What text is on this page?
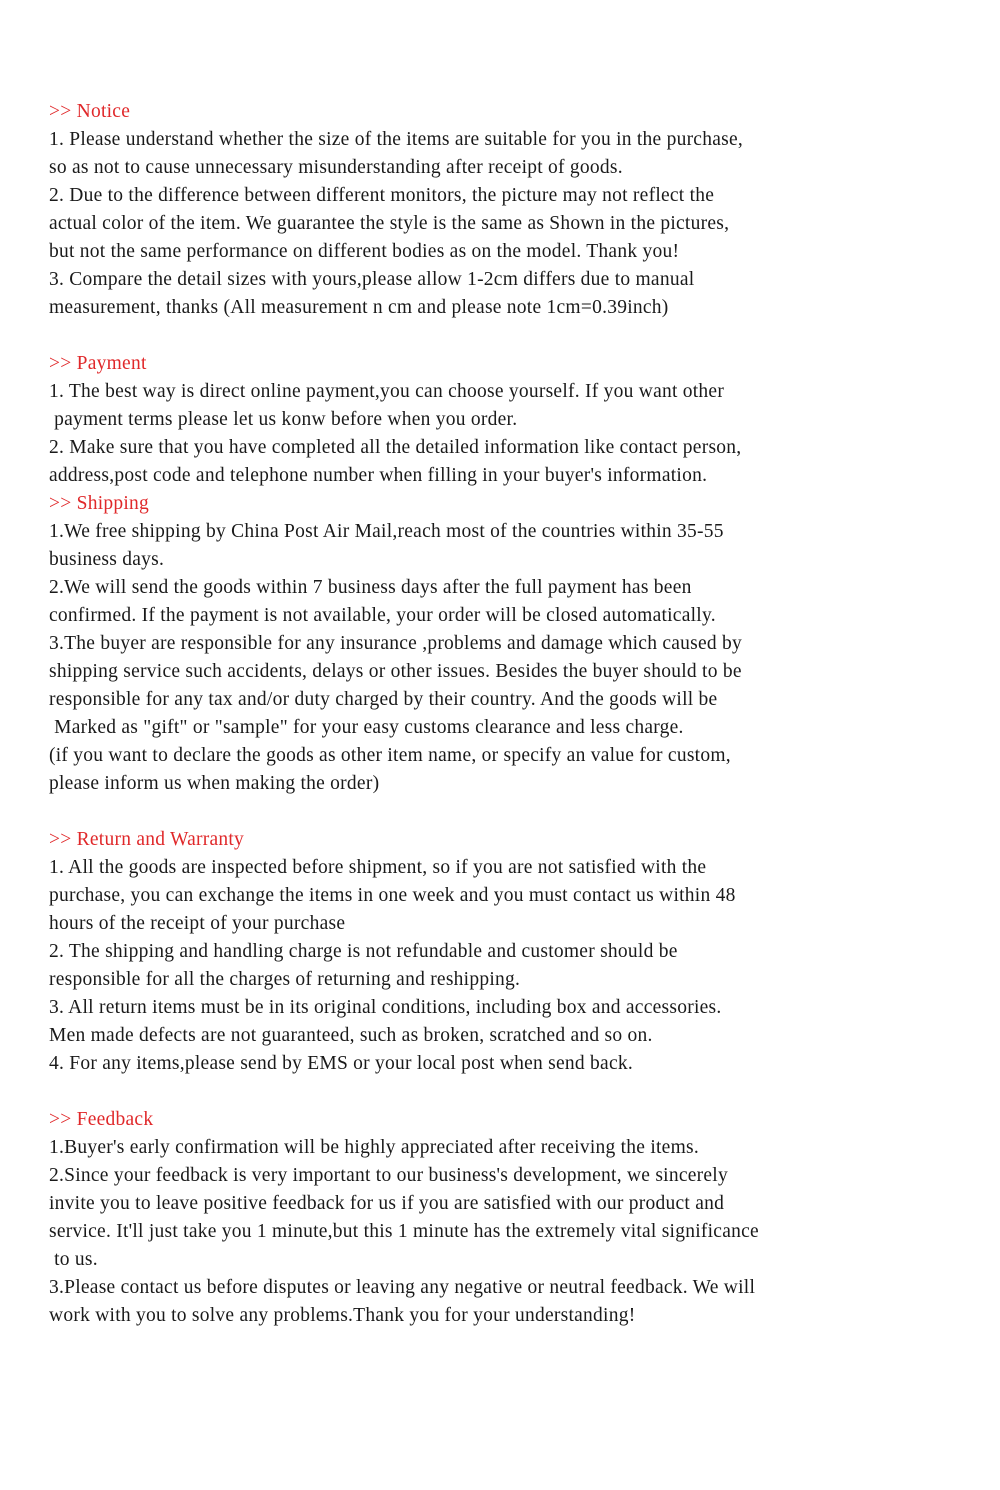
>> Notice

1. Please understand whether the size of the items are suitable for you in the purchase,

so as not to cause unnecessary misunderstanding after receipt of goods.

2. Due to the difference between different monitors, the picture may not reflect the

actual color of the item. We guarantee the style is the same as Shown in the pictures,

but not the same performance on different bodies as on the model. Thank you!

3. Compare the detail sizes with yours,please allow 1-2cm differs due to manual

measurement, thanks (All measurement n cm and please note 1cm=0.39inch)

>> Payment

1. The best way is direct online payment,you can choose yourself. If you want other

payment terms please let us konw before when you order.

2. Make sure that you have completed all the detailed information like contact person,

address,post code and telephone number when filling in your buyer's information.

>> Shipping

1.We free shipping by China Post Air Mail,reach most of the countries within 35-55

business days.

2.We will send the goods within 7 business days after the full payment has been

confirmed. If the payment is not available, your order will be closed automatically.

3.The buyer are responsible for any insurance ,problems and damage which caused by

shipping service such accidents, delays or other issues. Besides the buyer should to be

responsible for any tax and/or duty charged by their country. And the goods will be

Marked as "gift" or "sample" for your easy customs clearance and less charge.

(if you want to declare the goods as other item name, or specify an value for custom,

please inform us when making the order)

>> Return and Warranty

1. All the goods are inspected before shipment, so if you are not satisfied with the

purchase, you can exchange the items in one week and you must contact us within 48

hours of the receipt of your purchase

2. The shipping and handling charge is not refundable and customer should be

responsible for all the charges of returning and reshipping.

3. All return items must be in its original conditions, including box and accessories.

Men made defects are not guaranteed, such as broken, scratched and so on.

4. For any items,please send by EMS or your local post when send back.

>> Feedback

1.Buyer's early confirmation will be highly appreciated after receiving the items.

2.Since your feedback is very important to our business's development, we sincerely

invite you to leave positive feedback for us if you are satisfied with our product and

service. It'll just take you 1 minute,but this 1 minute has the extremely vital significance

to us.

3.Please contact us before disputes or leaving any negative or neutral feedback. We will

work with you to solve any problems.Thank you for your understanding!
